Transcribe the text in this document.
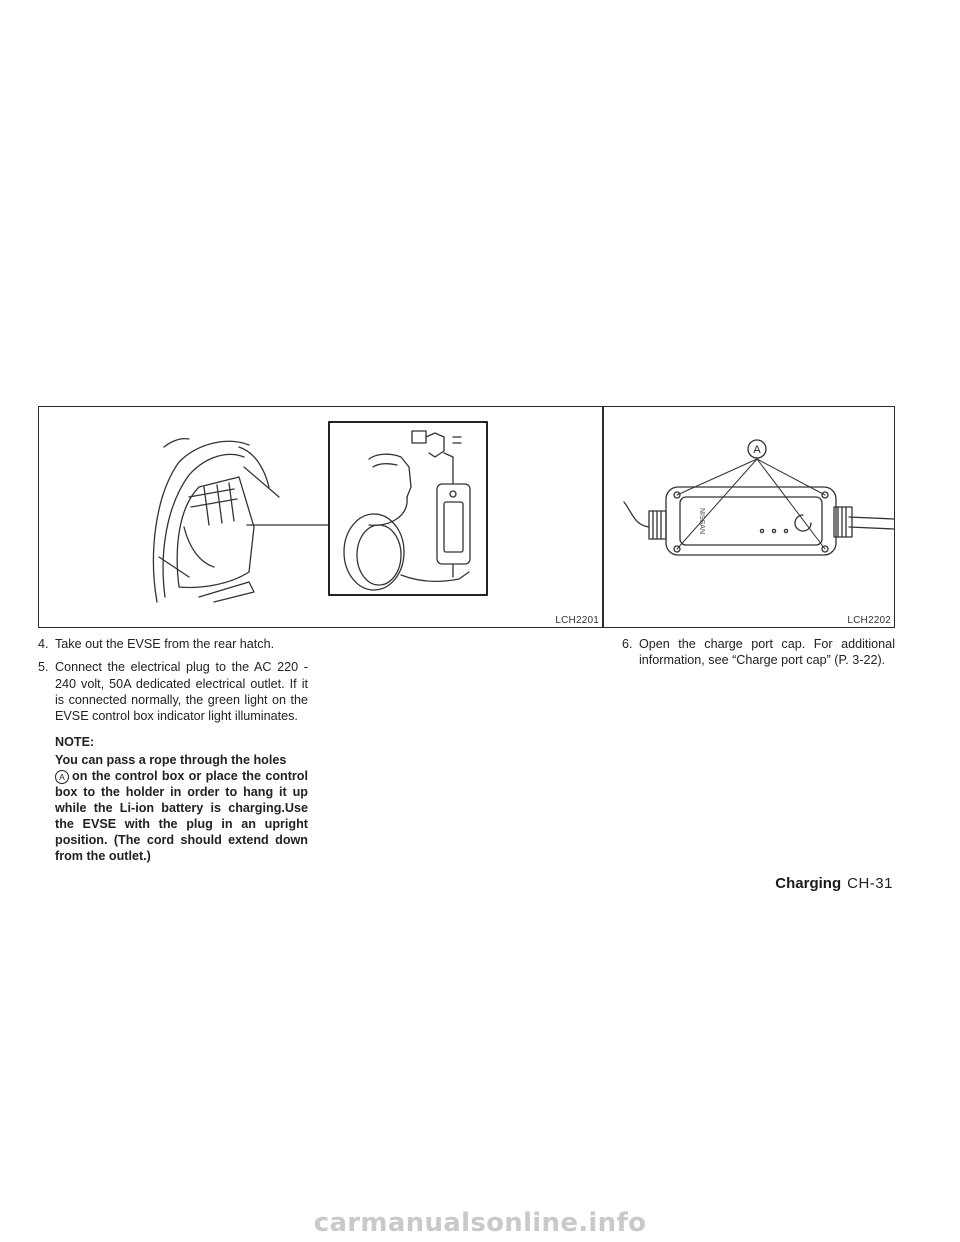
LCH2201
A
NISSAN
LCH2202
4. Take out the EVSE from the rear hatch.
5. Connect the electrical plug to the AC 220 - 240 volt, 50A dedicated electrical outlet. If it is connected normally, the green light on the EVSE control box indicator light illuminates.
NOTE:
You can pass a rope through the holes
A on the control box or place the control box to the holder in order to hang it up while the Li-ion battery is charging.Use the EVSE with the plug in an upright position. (The cord should extend down from the outlet.)
6. Open the charge port cap. For additional information, see “Charge port cap” (P. 3-22).
Charging CH-31
carmanualsonline.info
